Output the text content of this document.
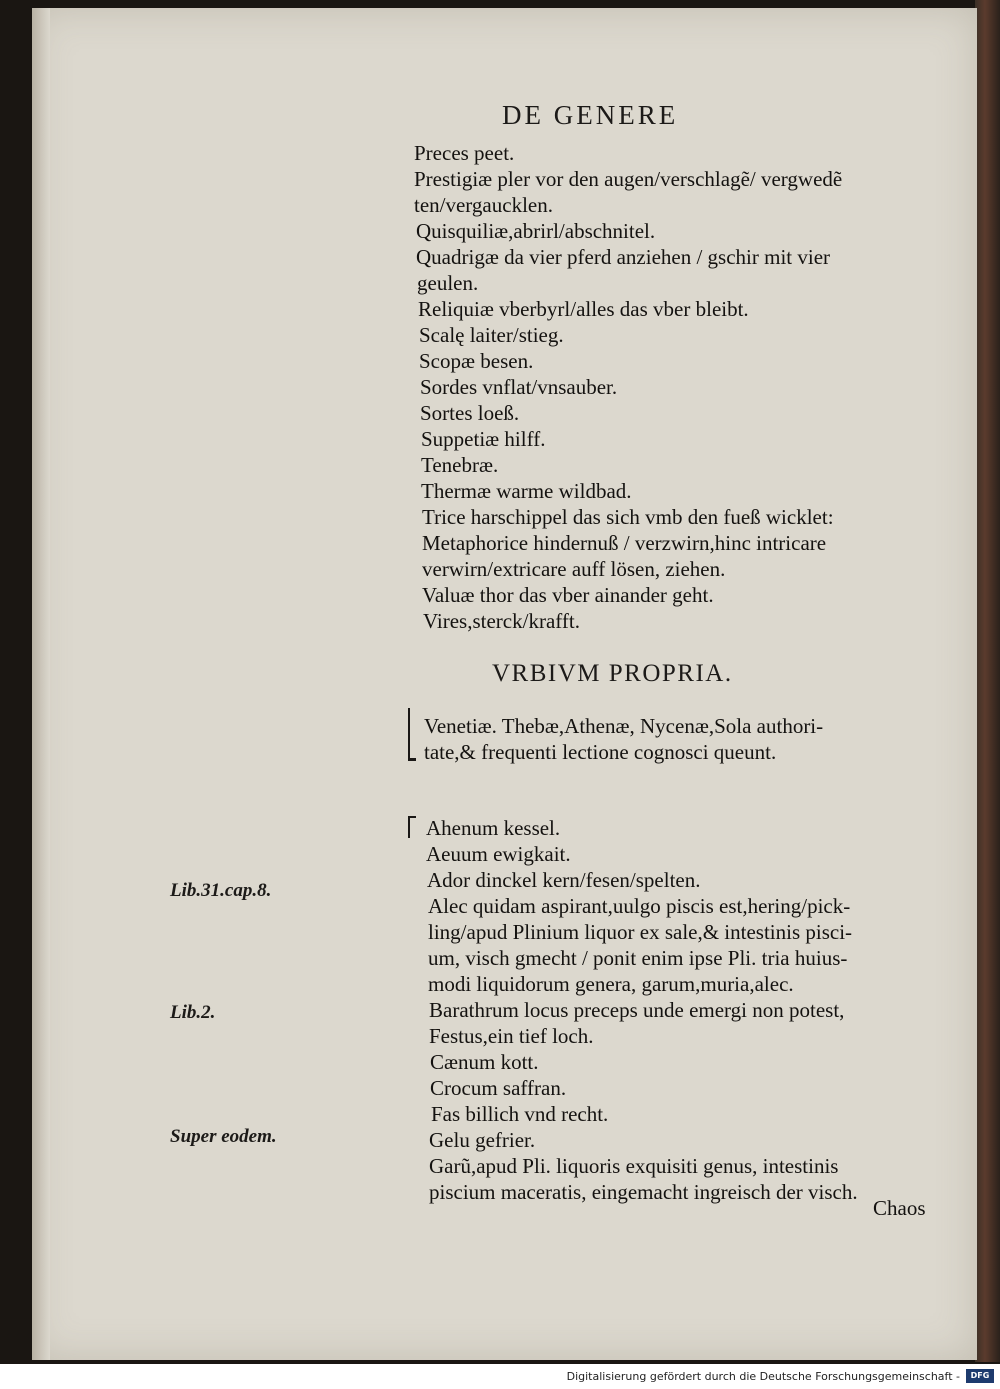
DE GENERE
Preces peet.
Prestigiæ pler vor den augen/verschlagẽ/ vergwedẽ
ten/vergaucklen.
Quisquiliæ,abrirl/abschnitel.
Quadrigæ da vier pferd anziehen / gschir mit vier
geulen.
Reliquiæ vberbyrl/alles das vber bleibt.
Scalę laiter/stieg.
Scopæ besen.
Sordes vnflat/vnsauber.
Sortes loeß.
Suppetiæ hilff.
Tenebræ.
Thermæ warme wildbad.
Trice harschippel das sich vmb den fueß wicklet:
Metaphorice hindernuß / verzwirn,hinc intricare
verwirn/extricare auff lösen, ziehen.
Valuæ thor das vber ainander geht.
Vires,sterck/krafft.
VRBIVM PROPRIA.
Venetiæ. Thebæ,Athenæ, Nycenæ,Sola authori-
tate,& frequenti lectione cognosci queunt.
Ahenum kessel.
Aeuum ewigkait.
Ador dinckel kern/fesen/spelten.
Alec quidam aspirant,uulgo piscis est,hering/pick-
ling/apud Plinium liquor ex sale,& intestinis pisci-
um, visch gmecht / ponit enim ipse Pli. tria huius-
modi liquidorum genera, garum,muria,alec.
Barathrum locus preceps unde emergi non potest,
Festus,ein tief loch.
Cænum kott.
Crocum saffran.
Fas billich vnd recht.
Gelu gefrier.
Garũ,apud Pli. liquoris exquisiti genus, intestinis
piscium maceratis, eingemacht ingreisch der visch.
Lib.31.cap.8.
Lib.2.
Super eodem.
Chaos
Digitalisierung gefördert durch die Deutsche Forschungsgemeinschaft -	DFG
